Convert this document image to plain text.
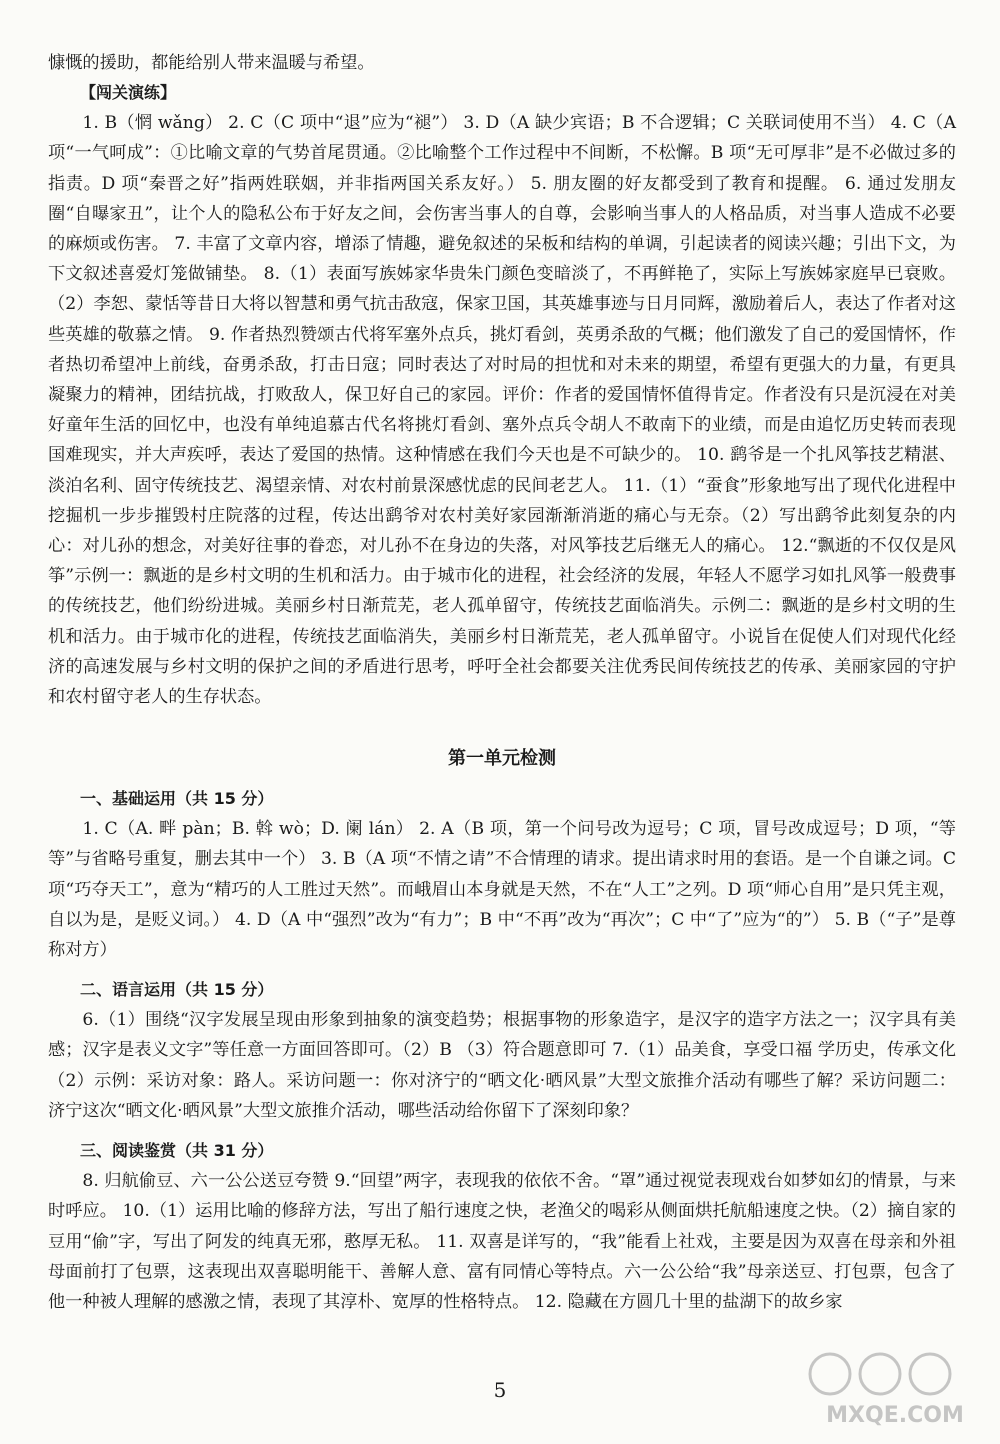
慷慨的援助，都能给别人带来温暖与希望。

【闯关演练】

1. B（惘 wǎng） 2. C（C 项中“退”应为“褪”） 3. D（A 缺少宾语；B 不合逻辑；C 关联词使用不当） 4. C（A 项“一气呵成”：①比喻文章的气势首尾贯通。②比喻整个工作过程中不间断，不松懈。B 项“无可厚非”是不必做过多的指责。D 项“秦晋之好”指两姓联姻，并非指两国关系友好。） 5. 朋友圈的好友都受到了教育和提醒。 6. 通过发朋友圈“自曝家丑”，让个人的隐私公布于好友之间，会伤害当事人的自尊，会影响当事人的人格品质，对当事人造成不必要的麻烦或伤害。 7. 丰富了文章内容，增添了情趣，避免叙述的呆板和结构的单调，引起读者的阅读兴趣；引出下文，为下文叙述喜爱灯笼做铺垫。 8.（1）表面写族姊家华贵朱门颜色变暗淡了，不再鲜艳了，实际上写族姊家庭早已衰败。（2）李恕、蒙恬等昔日大将以智慧和勇气抗击敌寇，保家卫国，其英雄事迹与日月同辉，激励着后人，表达了作者对这些英雄的敬慕之情。 9. 作者热烈赞颂古代将军塞外点兵，挑灯看剑，英勇杀敌的气概；他们激发了自己的爱国情怀，作者热切希望冲上前线，奋勇杀敌，打击日寇；同时表达了对时局的担忧和对未来的期望，希望有更强大的力量，有更具凝聚力的精神，团结抗战，打败敌人，保卫好自己的家园。评价：作者的爱国情怀值得肯定。作者没有只是沉浸在对美好童年生活的回忆中，也没有单纯追慕古代名将挑灯看剑、塞外点兵令胡人不敢南下的业绩，而是由追忆历史转而表现国难现实，并大声疾呼，表达了爱国的热情。这种情感在我们今天也是不可缺少的。 10. 鹞爷是一个扎风筝技艺精湛、淡泊名利、固守传统技艺、渴望亲情、对农村前景深感忧虑的民间老艺人。 11.（1）“蚕食”形象地写出了现代化进程中挖掘机一步步摧毁村庄院落的过程，传达出鹞爷对农村美好家园渐渐消逝的痛心与无奈。（2）写出鹞爷此刻复杂的内心：对儿孙的想念，对美好往事的眷恋，对儿孙不在身边的失落，对风筝技艺后继无人的痛心。 12.“飘逝的不仅仅是风筝”示例一：飘逝的是乡村文明的生机和活力。由于城市化的进程，社会经济的发展，年轻人不愿学习如扎风筝一般费事的传统技艺，他们纷纷进城。美丽乡村日渐荒芜，老人孤单留守，传统技艺面临消失。示例二：飘逝的是乡村文明的生机和活力。由于城市化的进程，传统技艺面临消失，美丽乡村日渐荒芜，老人孤单留守。小说旨在促使人们对现代化经济的高速发展与乡村文明的保护之间的矛盾进行思考，呼吁全社会都要关注优秀民间传统技艺的传承、美丽家园的守护和农村留守老人的生存状态。

第一单元检测

一、基础运用（共 15 分）

1. C（A. 畔 pàn；B. 斡 wò；D. 阑 lán） 2. A（B 项，第一个问号改为逗号；C 项，冒号改成逗号；D 项，“等等”与省略号重复，删去其中一个） 3. B（A 项“不情之请”不合情理的请求。提出请求时用的套语。是一个自谦之词。C 项“巧夺天工”，意为“精巧的人工胜过天然”。而峨眉山本身就是天然，不在“人工”之列。D 项“师心自用”是只凭主观，自以为是，是贬义词。） 4. D（A 中“强烈”改为“有力”；B 中“不再”改为“再次”；C 中“了”应为“的”） 5. B（“子”是尊称对方）

二、语言运用（共 15 分）

6.（1）围绕“汉字发展呈现由形象到抽象的演变趋势；根据事物的形象造字，是汉字的造字方法之一；汉字具有美感；汉字是表义文字”等任意一方面回答即可。（2）B （3）符合题意即可 7.（1）品美食，享受口福 学历史，传承文化 （2）示例：采访对象：路人。采访问题一：你对济宁的“晒文化·晒风景”大型文旅推介活动有哪些了解？采访问题二：济宁这次“晒文化·晒风景”大型文旅推介活动，哪些活动给你留下了深刻印象？

三、阅读鉴赏（共 31 分）

8. 归航偷豆、六一公公送豆夸赞 9.“回望”两字，表现我的依依不舍。“罩”通过视觉表现戏台如梦如幻的情景，与来时呼应。 10.（1）运用比喻的修辞方法，写出了船行速度之快，老渔父的喝彩从侧面烘托航船速度之快。（2）摘自家的豆用“偷”字，写出了阿发的纯真无邪，憨厚无私。 11. 双喜是详写的，“我”能看上社戏，主要是因为双喜在母亲和外祖母面前打了包票，这表现出双喜聪明能干、善解人意、富有同情心等特点。六一公公给“我”母亲送豆、打包票，包含了他一种被人理解的感激之情，表现了其淳朴、宽厚的性格特点。 12. 隐藏在方圆几十里的盐湖下的故乡家

5
MXQE.COM
